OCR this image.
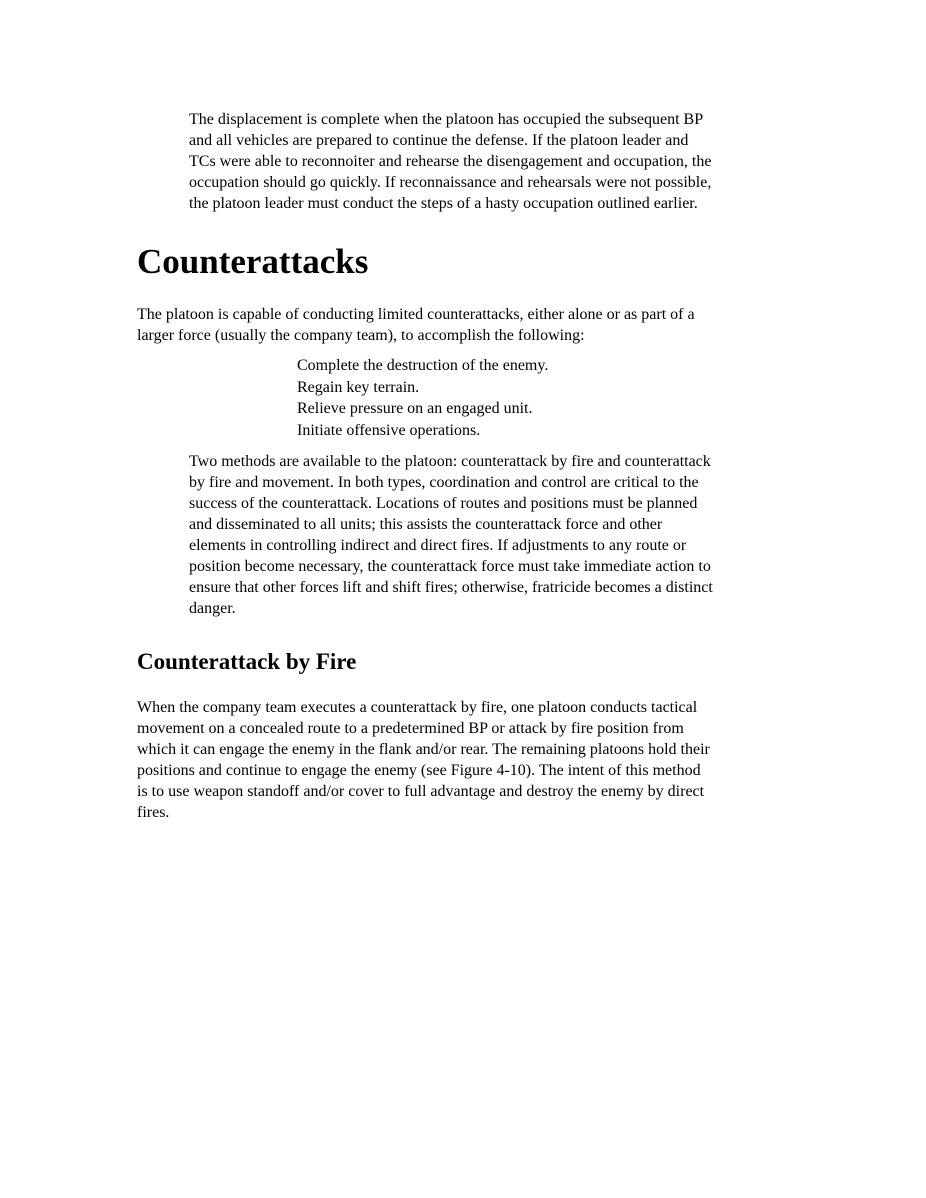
The displacement is complete when the platoon has occupied the subsequent BP
and all vehicles are prepared to continue the defense. If the platoon leader and
TCs were able to reconnoiter and rehearse the disengagement and occupation, the
occupation should go quickly. If reconnaissance and rehearsals were not possible,
the platoon leader must conduct the steps of a hasty occupation outlined earlier.

Counterattacks

The platoon is capable of conducting limited counterattacks, either alone or as part of a
larger force (usually the company team), to accomplish the following:

Complete the destruction of the enemy.
Regain key terrain.
Relieve pressure on an engaged unit.
Initiate offensive operations.

Two methods are available to the platoon: counterattack by fire and counterattack
by fire and movement. In both types, coordination and control are critical to the
success of the counterattack. Locations of routes and positions must be planned
and disseminated to all units; this assists the counterattack force and other
elements in controlling indirect and direct fires. If adjustments to any route or
position become necessary, the counterattack force must take immediate action to
ensure that other forces lift and shift fires; otherwise, fratricide becomes a distinct
danger.

Counterattack by Fire

When the company team executes a counterattack by fire, one platoon conducts tactical
movement on a concealed route to a predetermined BP or attack by fire position from
which it can engage the enemy in the flank and/or rear. The remaining platoons hold their
positions and continue to engage the enemy (see Figure 4-10). The intent of this method
is to use weapon standoff and/or cover to full advantage and destroy the enemy by direct
fires.
